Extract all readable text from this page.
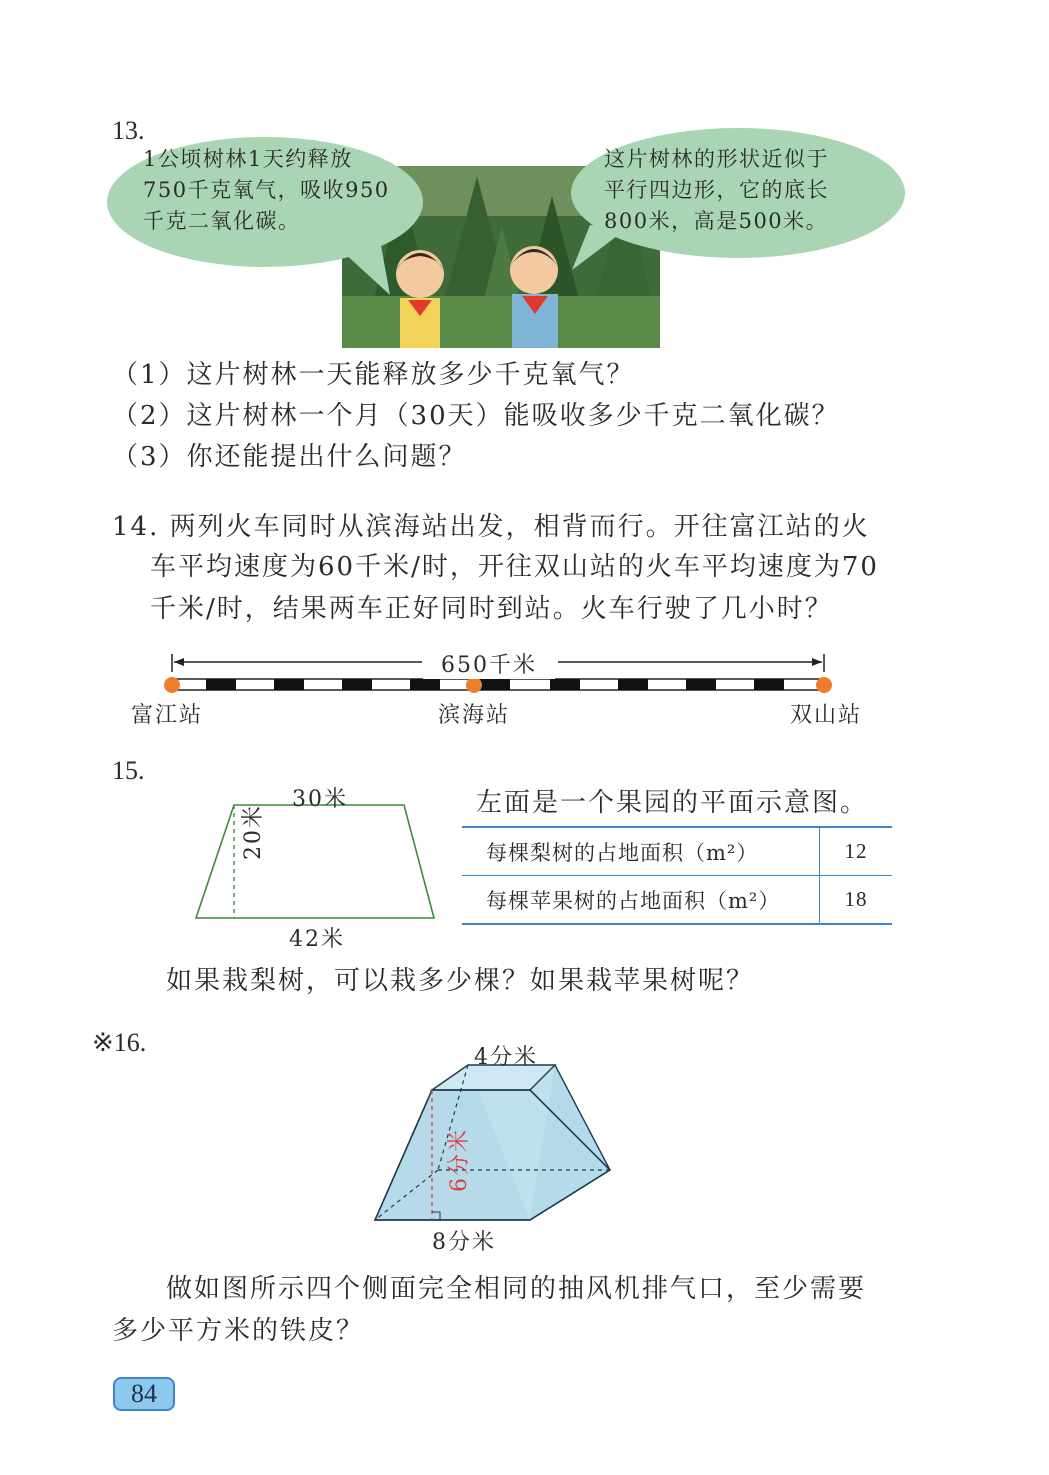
13.
1公顷树林1天约释放
750千克氧气，吸收950
千克二氧化碳。
这片树林的形状近似于
平行四边形，它的底长
800米，高是500米。
（1）这片树林一天能释放多少千克氧气？
（2）这片树林一个月（30天）能吸收多少千克二氧化碳？
（3）你还能提出什么问题？
14. 两列火车同时从滨海站出发，相背而行。开往富江站的火
车平均速度为60千米/时，开往双山站的火车平均速度为70
千米/时，结果两车正好同时到站。火车行驶了几小时？
650千米
富江站	滨海站	双山站
15.
30米
20米
42米
左面是一个果园的平面示意图。
每棵梨树的占地面积（m²）	12
每棵苹果树的占地面积（m²）	18
如果栽梨树，可以栽多少棵？如果栽苹果树呢？
※16.
4分米
6分米
8分米
做如图所示四个侧面完全相同的抽风机排气口，至少需要
多少平方米的铁皮？
84
